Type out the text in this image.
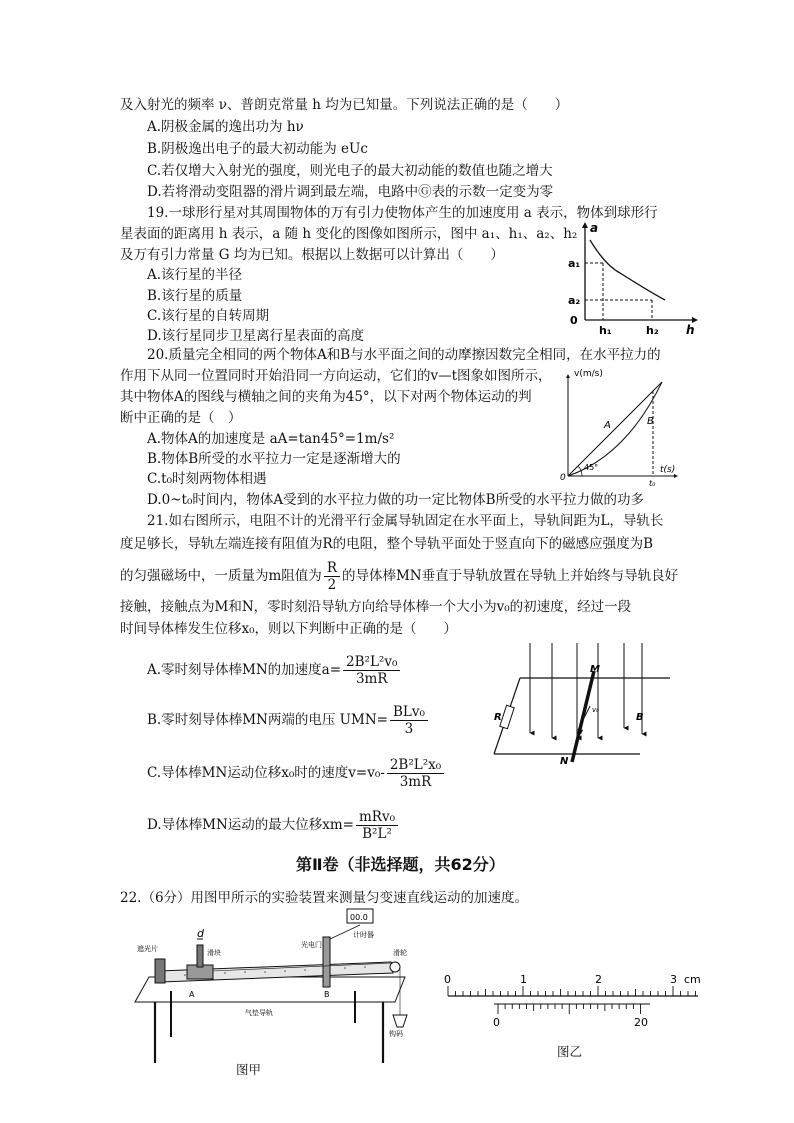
及入射光的频率 ν、普朗克常量 h 均为已知量。下列说法正确的是（　　）
A.阴极金属的逸出功为 hν
B.阴极逸出电子的最大初动能为 eUc
C.若仅增大入射光的强度，则光电子的最大初动能的数值也随之增大
D.若将滑动变阻器的滑片调到最左端，电路中Ⓖ表的示数一定变为零
19.一球形行星对其周围物体的万有引力使物体产生的加速度用 a 表示，物体到球形行
星表面的距离用 h 表示，a 随 h 变化的图像如图所示，图中 a₁、h₁、a₂、h₂
及万有引力常量 G 均为已知。根据以上数据可以计算出（　　）
A.该行星的半径
B.该行星的质量
C.该行星的自转周期
D.该行星同步卫星离行星表面的高度
a
h
0
a₁
a₂
h₁	h₂
20.质量完全相同的两个物体A和B与水平面之间的动摩擦因数完全相同，在水平拉力的
作用下从同一位置同时开始沿同一方向运动，它们的v—t图象如图所示，
其中物体A的图线与横轴之间的夹角为45°，以下对两个物体运动的判
断中正确的是（　）
A.物体A的加速度是 aA=tan45°=1m/s²
B.物体B所受的水平拉力一定是逐渐增大的
C.t₀时刻两物体相遇
D.0~t₀时间内，物体A受到的水平拉力做的功一定比物体B所受的水平拉力做的功多
v(m/s)
t(s)
A	B
45°
t₀
0
21.如右图所示，电阻不计的光滑平行金属导轨固定在水平面上，导轨间距为L，导轨长
度足够长，导轨左端连接有阻值为R的电阻，整个导轨平面处于竖直向下的磁感应强度为B
的匀强磁场中，一质量为m阻值为 $\frac{R}{2}$ 的导体棒MN垂直于导轨放置在导轨上并始终与导轨良好
接触，接触点为M和N，零时刻沿导轨方向给导体棒一个大小为v₀的初速度，经过一段
时间导体棒发生位移x₀，则以下判断中正确的是（　　）
A.零时刻导体棒MN的加速度$a= \frac{\text{2B²L²v₀}}{3mR}$
B.零时刻导体棒MN两端的电压 $UMN= \frac{\text{BLv₀}}{3}$
C.导体棒MN运动位移x₀时的速度$v=v_0- \frac{\text{2B²L²x₀}}{3mR}$
D.导体棒MN运动的最大位移$xm= \frac{\text{mRv₀}}{\text{B²L²}}$
M
N
R	B
v₀
第Ⅱ卷（非选择题，共62分）
22.（6分）用图甲所示的实验装置来测量匀变速直线运动的加速度。
d
00.0
遮光片	滑块
光电门
计时器
滑轮
A	B
气垫导轨
钩码
图甲
0	1	2	3 cm
0	20
图乙
